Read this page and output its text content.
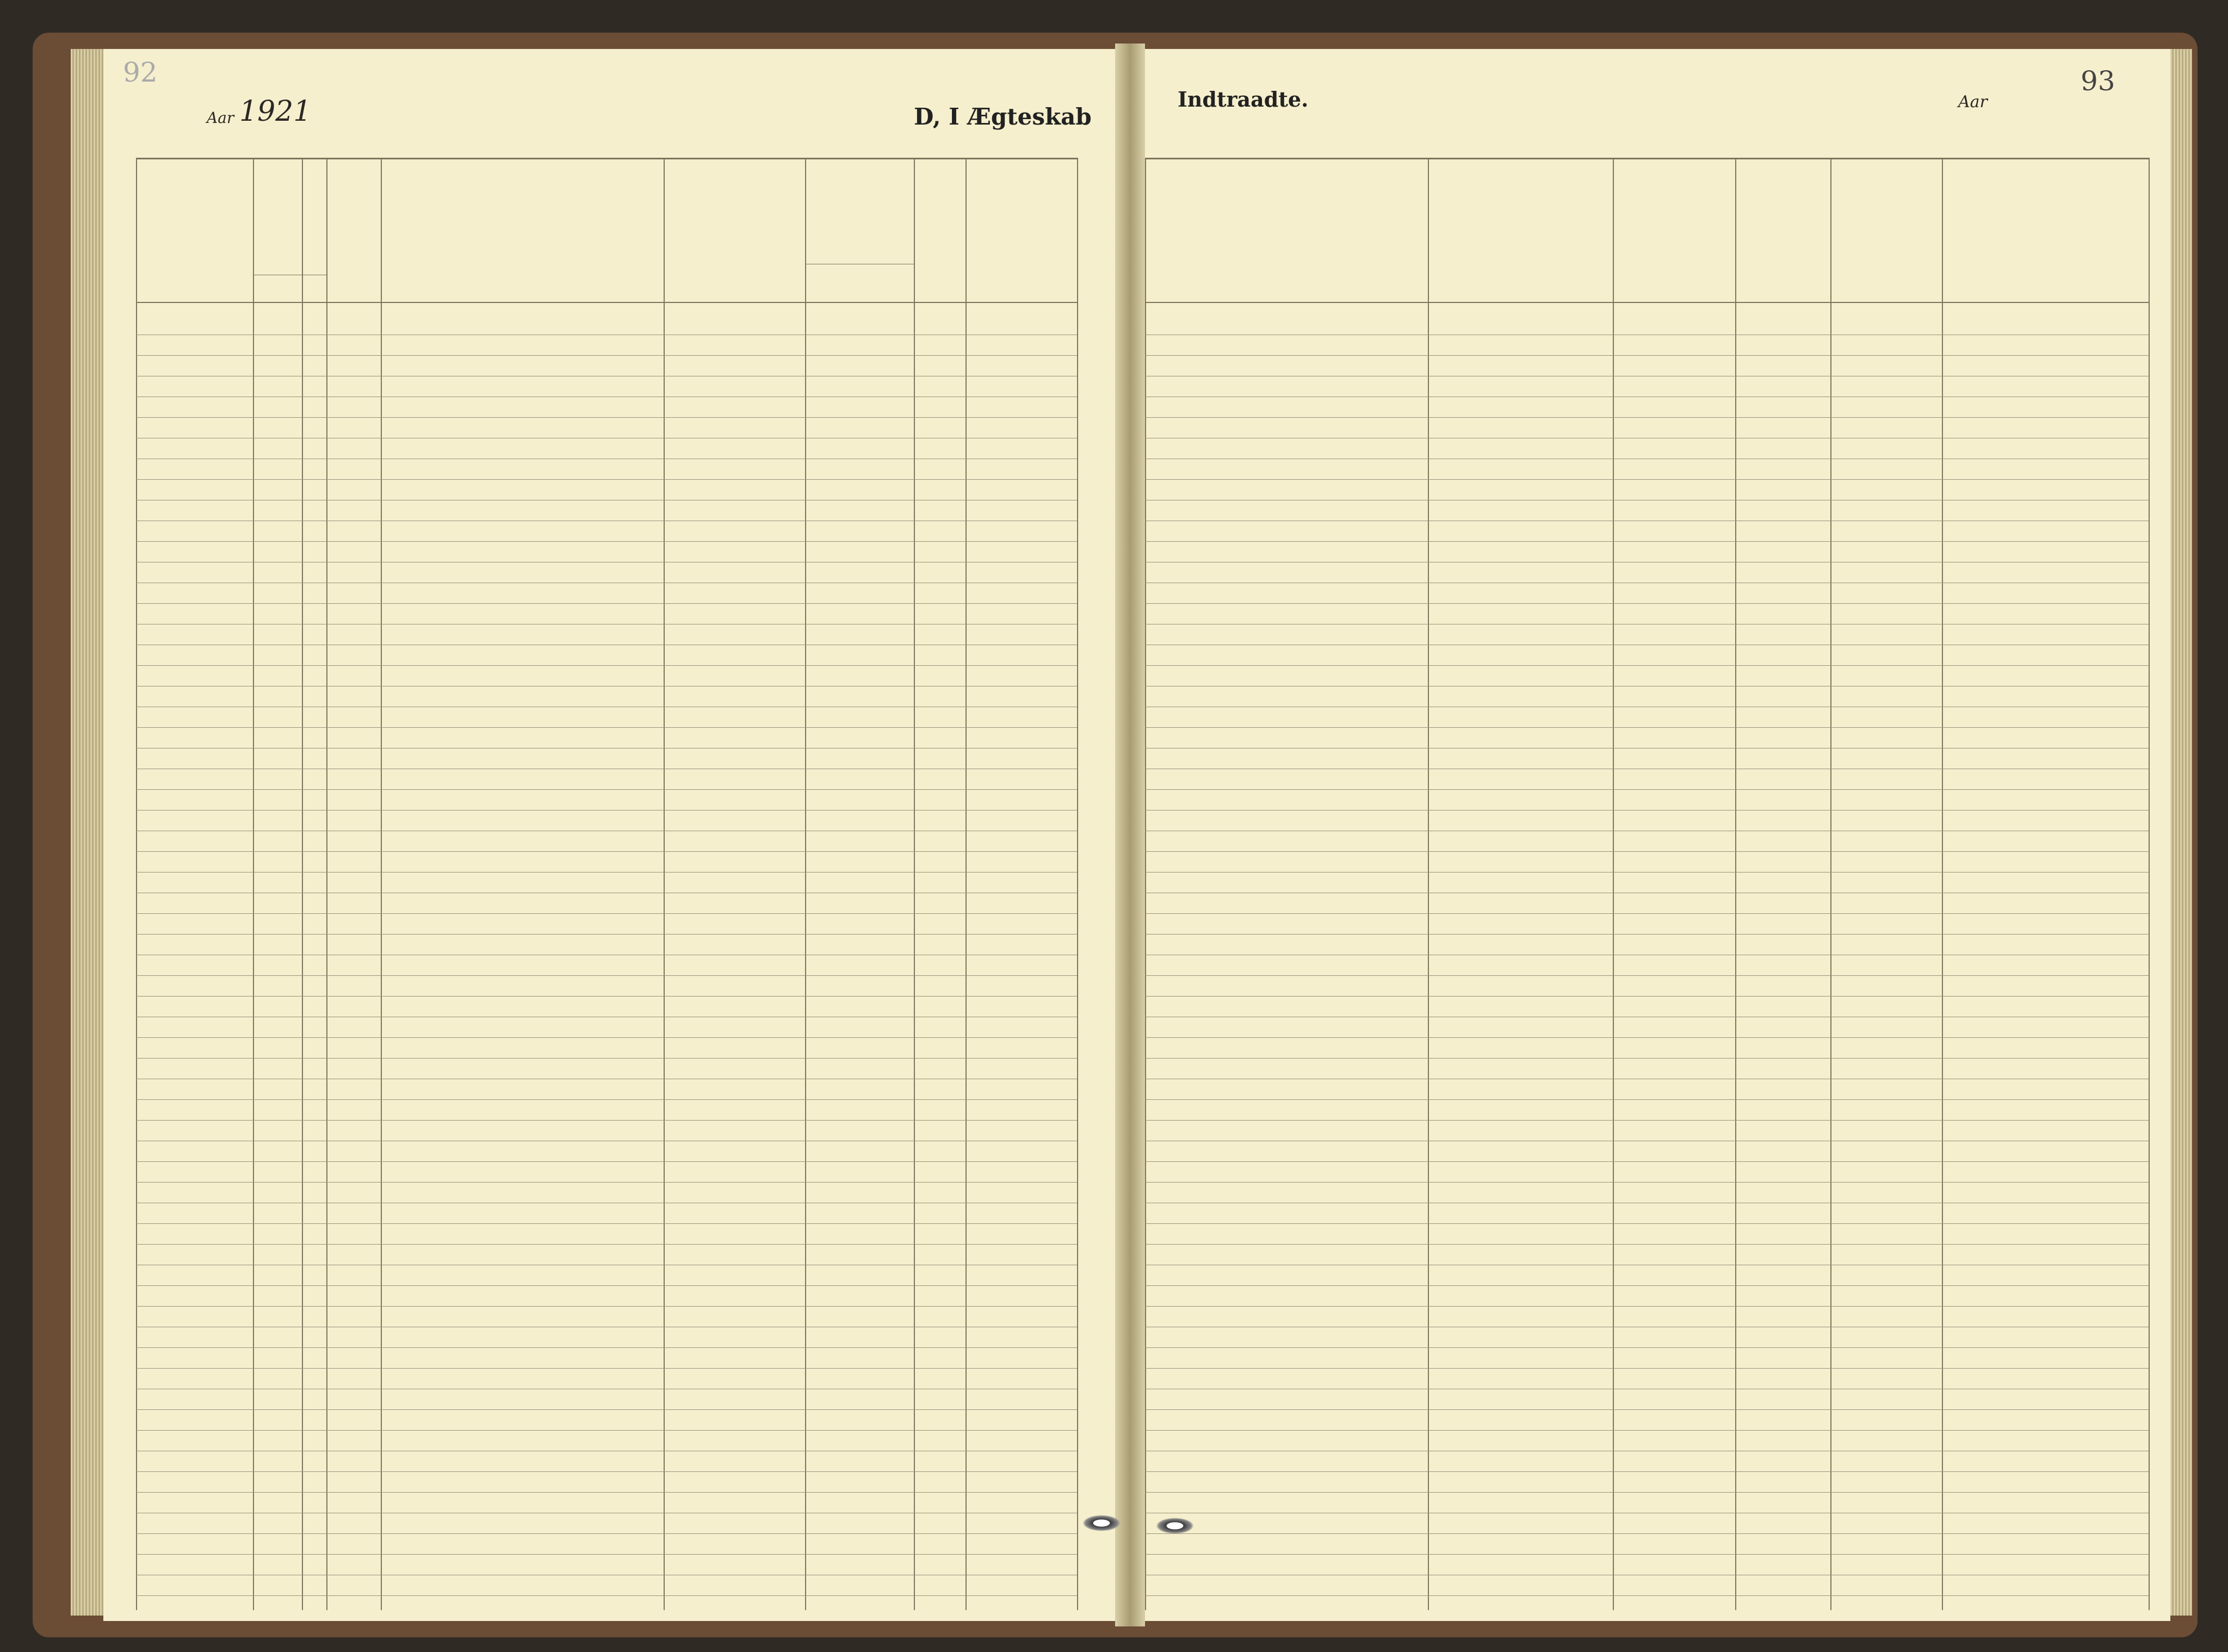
92
Aar 1921	D, I Ægteskab
Indtraadte.	Aar
93
